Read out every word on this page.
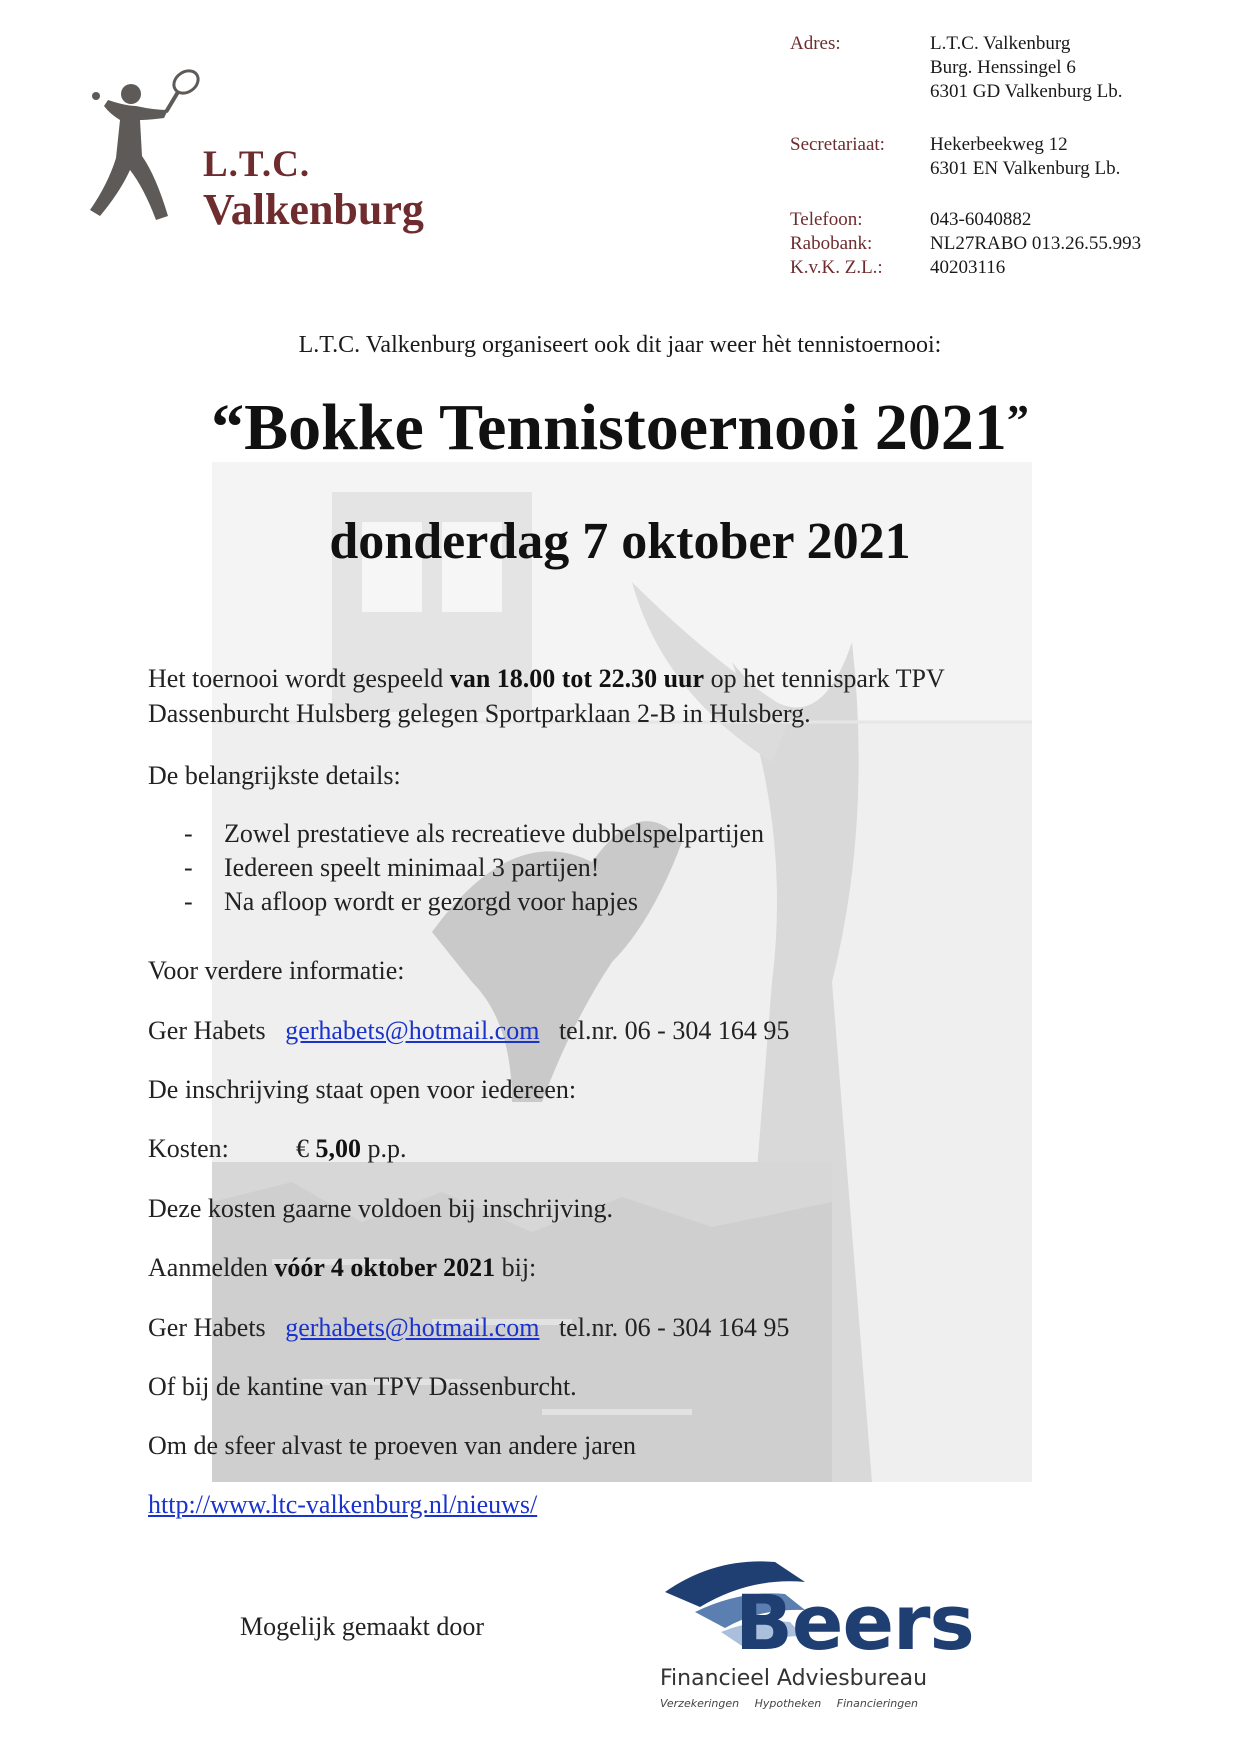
L.T.C.
Valkenburg
Adres:	L.T.C. Valkenburg
Burg. Henssingel 6
6301 GD Valkenburg Lb.
Secretariaat: Hekerbeekweg 12
6301 EN Valkenburg Lb.
Telefoon:	043-6040882
Rabobank:	NL27RABO 013.26.55.993
K.v.K. Z.L.: 40203116
L.T.C. Valkenburg organiseert ook dit jaar weer hèt tennistoernooi:
“Bokke Tennistoernooi 2021”
donderdag 7 oktober 2021
Het toernooi wordt gespeeld van 18.00 tot 22.30 uur op het tennispark TPV
Dassenburcht Hulsberg gelegen Sportparklaan 2-B in Hulsberg.
De belangrijkste details:
- Zowel prestatieve als recreatieve dubbelspelpartijen
- Iedereen speelt minimaal 3 partijen!
- Na afloop wordt er gezorgd voor hapjes
Voor verdere informatie:
Ger Habets gerhabets@hotmail.com tel.nr. 06 - 304 164 95
De inschrijving staat open voor iedereen:
Kosten:	€ 5,00 p.p.
Deze kosten gaarne voldoen bij inschrijving.
Aanmelden vóór 4 oktober 2021 bij:
Ger Habets gerhabets@hotmail.com tel.nr. 06 - 304 164 95
Of bij de kantine van TPV Dassenburcht.
Om de sfeer alvast te proeven van andere jaren
http://www.ltc-valkenburg.nl/nieuws/
Mogelijk gemaakt door	Beers
Financieel Adviesbureau
Verzekeringen Hypotheken Financieringen
